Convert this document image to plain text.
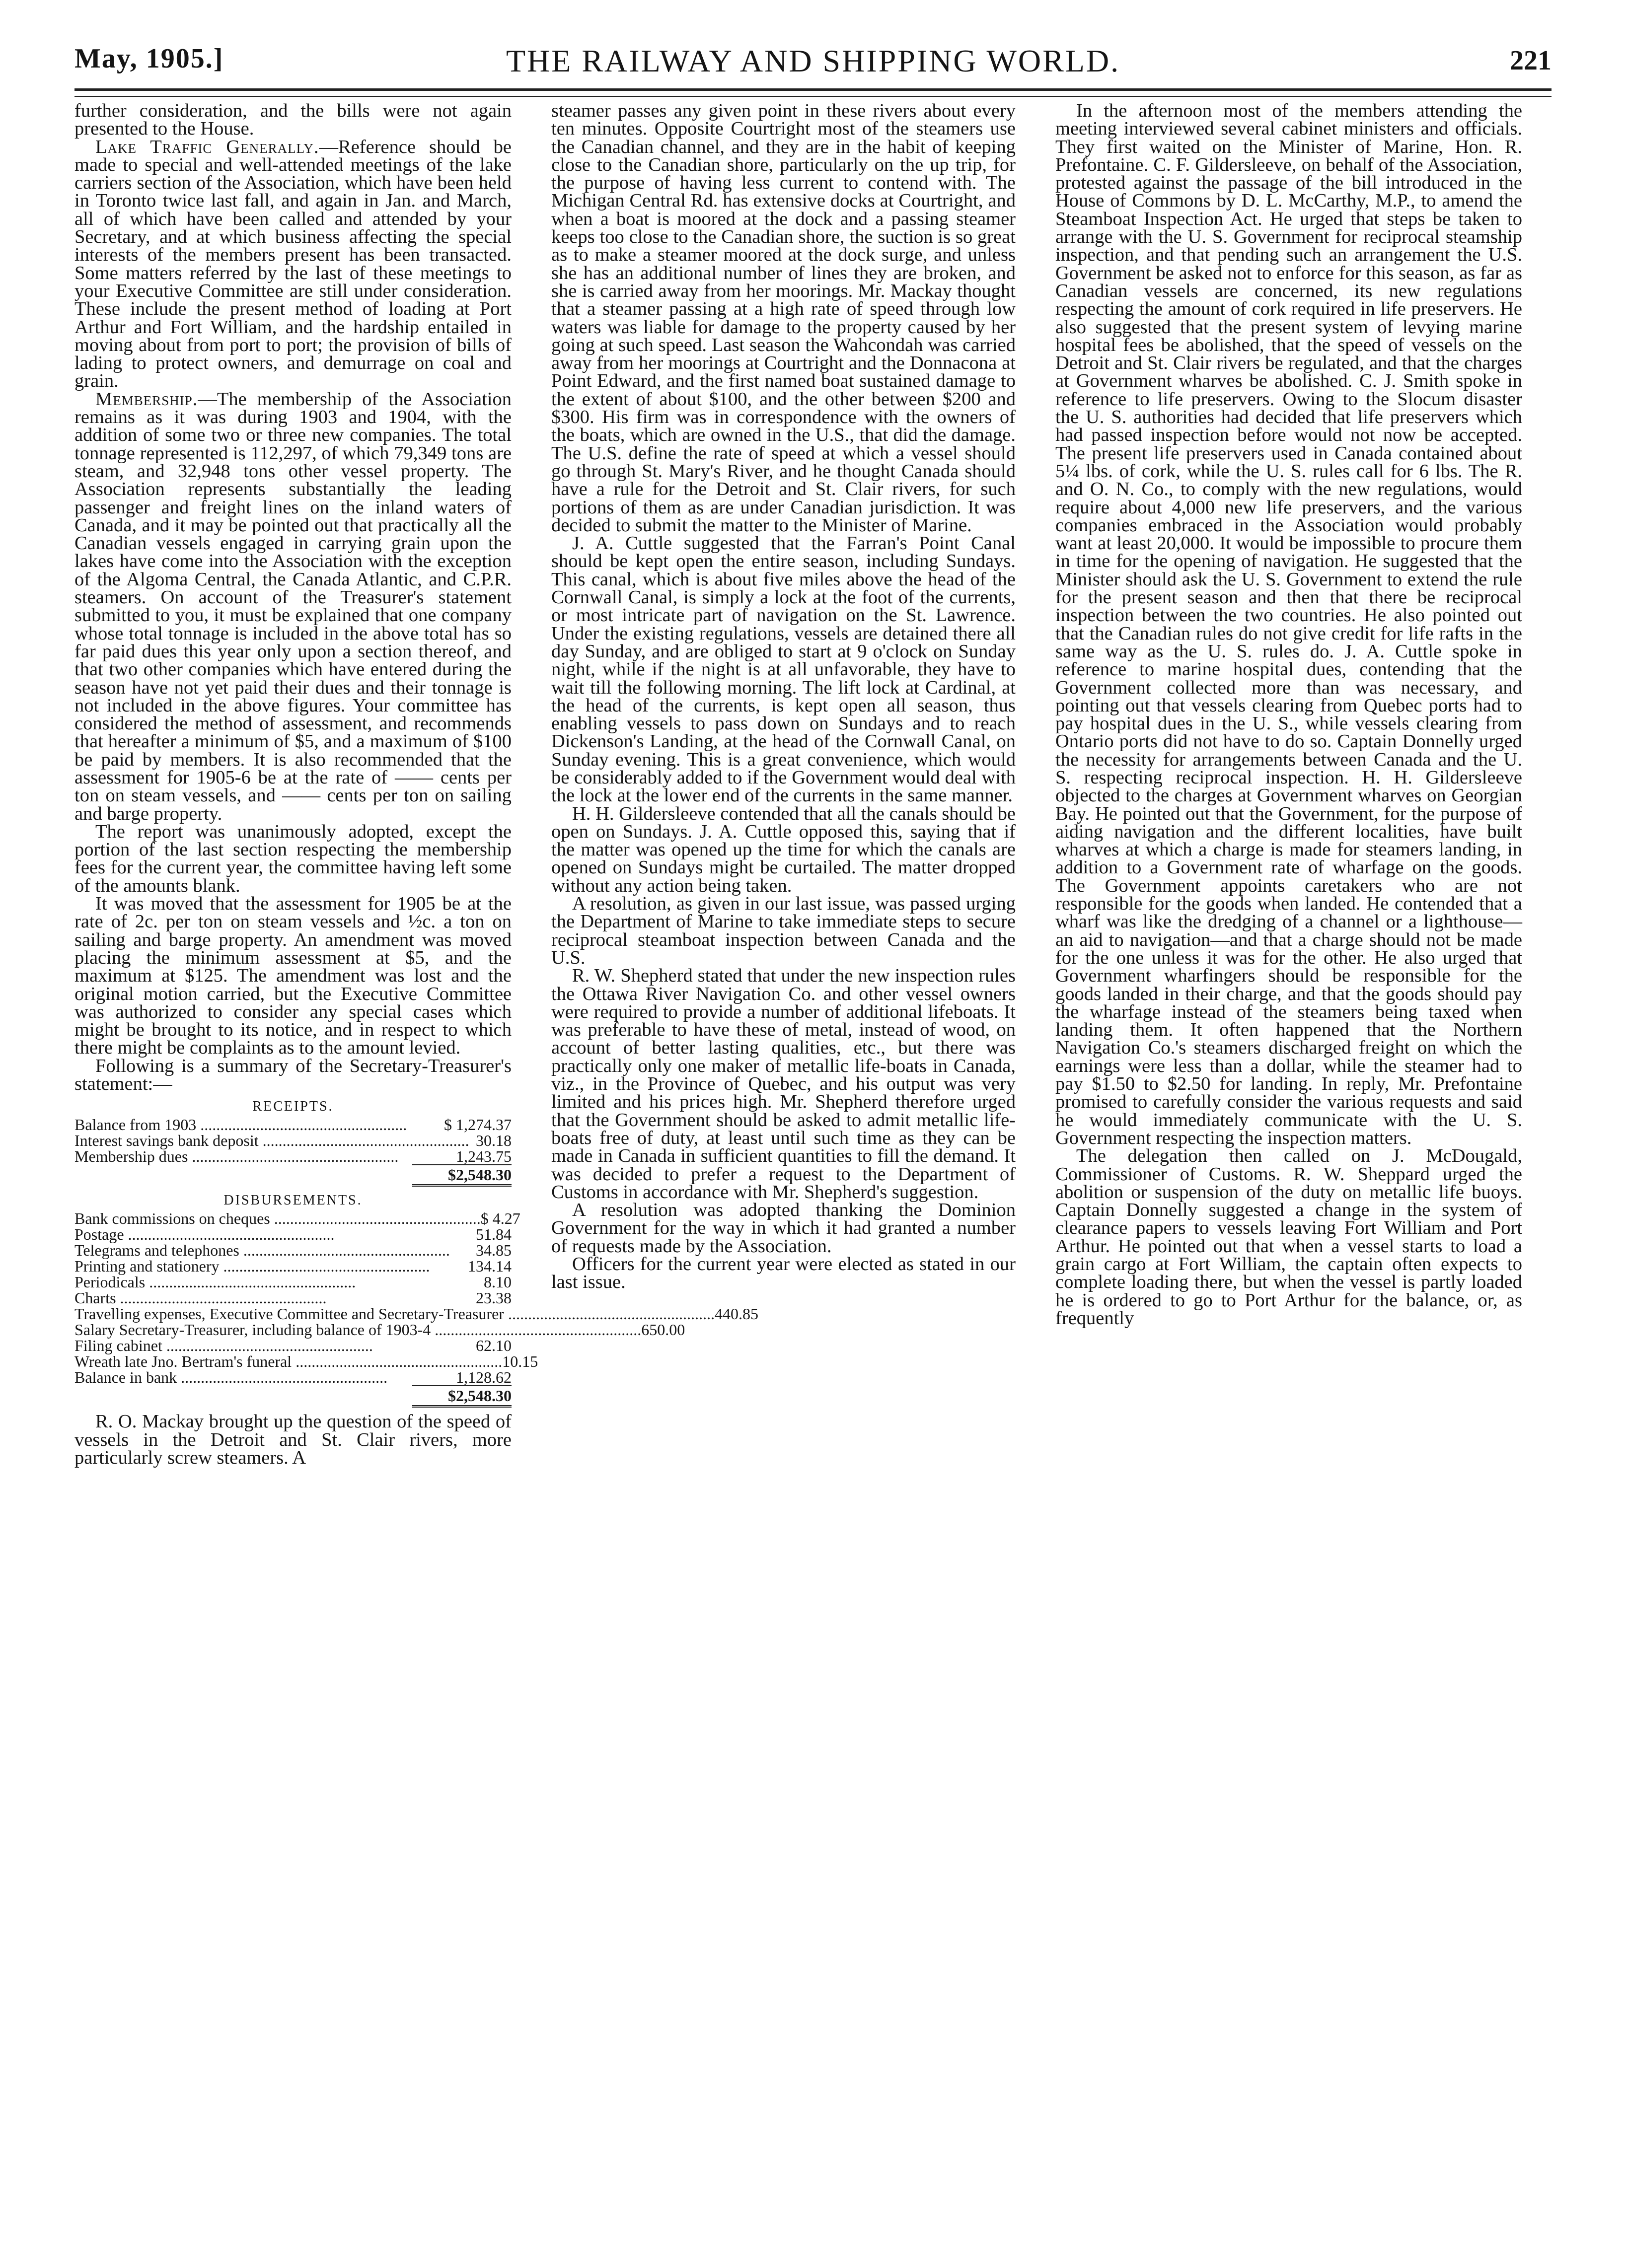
May, 1905.]	THE RAILWAY AND SHIPPING WORLD.	221

further consideration, and the bills were not again presented to the House.

Lake Traffic Generally.—Reference should be made to special and well-attended meetings of the lake carriers section of the Association, which have been held in Toronto twice last fall, and again in Jan. and March, all of which have been called and attended by your Secretary, and at which business affecting the special interests of the members present has been transacted. Some matters referred by the last of these meetings to your Executive Committee are still under consideration. These include the present method of loading at Port Arthur and Fort William, and the hardship entailed in moving about from port to port; the provision of bills of lading to protect owners, and demurrage on coal and grain.

Membership.—The membership of the Association remains as it was during 1903 and 1904, with the addition of some two or three new companies. The total tonnage represented is 112,297, of which 79,349 tons are steam, and 32,948 tons other vessel property. The Association represents substantially the leading passenger and freight lines on the inland waters of Canada, and it may be pointed out that practically all the Canadian vessels engaged in carrying grain upon the lakes have come into the Association with the exception of the Algoma Central, the Canada Atlantic, and C.P.R. steamers. On account of the Treasurer's statement submitted to you, it must be explained that one company whose total tonnage is included in the above total has so far paid dues this year only upon a section thereof, and that two other companies which have entered during the season have not yet paid their dues and their tonnage is not included in the above figures. Your committee has considered the method of assessment, and recommends that hereafter a minimum of $5, and a maximum of $100 be paid by members. It is also recommended that the assessment for 1905-6 be at the rate of —— cents per ton on steam vessels, and —— cents per ton on sailing and barge property.

The report was unanimously adopted, except the portion of the last section respecting the membership fees for the current year, the committee having left some of the amounts blank.

It was moved that the assessment for 1905 be at the rate of 2c. per ton on steam vessels and ½c. a ton on sailing and barge property. An amendment was moved placing the minimum assessment at $5, and the maximum at $125. The amendment was lost and the original motion carried, but the Executive Committee was authorized to consider any special cases which might be brought to its notice, and in respect to which there might be complaints as to the amount levied.

Following is a summary of the Secretary-Treasurer's statement:—

RECEIPTS.
Balance from 1903 .....	$ 1,274.37
Interest savings bank deposit .....	30.18
Membership dues .....	1,243.75
$2,548.30
DISBURSEMENTS.
Bank commissions on cheques .....	$ 4.27
Postage .....	51.84
Telegrams and telephones .....	34.85
Printing and stationery .....	134.14
Periodicals .....	8.10
Charts .....	23.38
Travelling expenses, Executive Committee and Secretary-Treasurer .....	440.85
Salary Secretary-Treasurer, including balance of 1903-4 .....	650.00
Filing cabinet .....	62.10
Wreath late Jno. Bertram's funeral .....	10.15
Balance in bank .....	1,128.62
$2,548.30

R. O. Mackay brought up the question of the speed of vessels in the Detroit and St. Clair rivers, more particularly screw steamers. A

steamer passes any given point in these rivers about every ten minutes. Opposite Courtright most of the steamers use the Canadian channel, and they are in the habit of keeping close to the Canadian shore, particularly on the up trip, for the purpose of having less current to contend with. The Michigan Central Rd. has extensive docks at Courtright, and when a boat is moored at the dock and a passing steamer keeps too close to the Canadian shore, the suction is so great as to make a steamer moored at the dock surge, and unless she has an additional number of lines they are broken, and she is carried away from her moorings. Mr. Mackay thought that a steamer passing at a high rate of speed through low waters was liable for damage to the property caused by her going at such speed. Last season the Wahcondah was carried away from her moorings at Courtright and the Donnacona at Point Edward, and the first named boat sustained damage to the extent of about $100, and the other between $200 and $300. His firm was in correspondence with the owners of the boats, which are owned in the U.S., that did the damage. The U.S. define the rate of speed at which a vessel should go through St. Mary's River, and he thought Canada should have a rule for the Detroit and St. Clair rivers, for such portions of them as are under Canadian jurisdiction. It was decided to submit the matter to the Minister of Marine.

J. A. Cuttle suggested that the Farran's Point Canal should be kept open the entire season, including Sundays. This canal, which is about five miles above the head of the Cornwall Canal, is simply a lock at the foot of the currents, or most intricate part of navigation on the St. Lawrence. Under the existing regulations, vessels are detained there all day Sunday, and are obliged to start at 9 o'clock on Sunday night, while if the night is at all unfavorable, they have to wait till the following morning. The lift lock at Cardinal, at the head of the currents, is kept open all season, thus enabling vessels to pass down on Sundays and to reach Dickenson's Landing, at the head of the Cornwall Canal, on Sunday evening. This is a great convenience, which would be considerably added to if the Government would deal with the lock at the lower end of the currents in the same manner.

H. H. Gildersleeve contended that all the canals should be open on Sundays. J. A. Cuttle opposed this, saying that if the matter was opened up the time for which the canals are opened on Sundays might be curtailed. The matter dropped without any action being taken.

A resolution, as given in our last issue, was passed urging the Department of Marine to take immediate steps to secure reciprocal steamboat inspection between Canada and the U.S.

R. W. Shepherd stated that under the new inspection rules the Ottawa River Navigation Co. and other vessel owners were required to provide a number of additional lifeboats. It was preferable to have these of metal, instead of wood, on account of better lasting qualities, etc., but there was practically only one maker of metallic life-boats in Canada, viz., in the Province of Quebec, and his output was very limited and his prices high. Mr. Shepherd therefore urged that the Government should be asked to admit metallic life-boats free of duty, at least until such time as they can be made in Canada in sufficient quantities to fill the demand. It was decided to prefer a request to the Department of Customs in accordance with Mr. Shepherd's suggestion.

A resolution was adopted thanking the Dominion Government for the way in which it had granted a number of requests made by the Association.

Officers for the current year were elected as stated in our last issue.

In the afternoon most of the members attending the meeting interviewed several cabinet ministers and officials. They first waited on the Minister of Marine, Hon. R. Prefontaine. C. F. Gildersleeve, on behalf of the Association, protested against the passage of the bill introduced in the House of Commons by D. L. McCarthy, M.P., to amend the Steamboat Inspection Act. He urged that steps be taken to arrange with the U. S. Government for reciprocal steamship inspection, and that pending such an arrangement the U.S. Government be asked not to enforce for this season, as far as Canadian vessels are concerned, its new regulations respecting the amount of cork required in life preservers. He also suggested that the present system of levying marine hospital fees be abolished, that the speed of vessels on the Detroit and St. Clair rivers be regulated, and that the charges at Government wharves be abolished. C. J. Smith spoke in reference to life preservers. Owing to the Slocum disaster the U. S. authorities had decided that life preservers which had passed inspection before would not now be accepted. The present life preservers used in Canada contained about 5¼ lbs. of cork, while the U. S. rules call for 6 lbs. The R. and O. N. Co., to comply with the new regulations, would require about 4,000 new life preservers, and the various companies embraced in the Association would probably want at least 20,000. It would be impossible to procure them in time for the opening of navigation. He suggested that the Minister should ask the U. S. Government to extend the rule for the present season and then that there be reciprocal inspection between the two countries. He also pointed out that the Canadian rules do not give credit for life rafts in the same way as the U. S. rules do. J. A. Cuttle spoke in reference to marine hospital dues, contending that the Government collected more than was necessary, and pointing out that vessels clearing from Quebec ports had to pay hospital dues in the U. S., while vessels clearing from Ontario ports did not have to do so. Captain Donnelly urged the necessity for arrangements between Canada and the U. S. respecting reciprocal inspection. H. H. Gildersleeve objected to the charges at Government wharves on Georgian Bay. He pointed out that the Government, for the purpose of aiding navigation and the different localities, have built wharves at which a charge is made for steamers landing, in addition to a Government rate of wharfage on the goods. The Government appoints caretakers who are not responsible for the goods when landed. He contended that a wharf was like the dredging of a channel or a lighthouse—an aid to navigation—and that a charge should not be made for the one unless it was for the other. He also urged that Government wharfingers should be responsible for the goods landed in their charge, and that the goods should pay the wharfage instead of the steamers being taxed when landing them. It often happened that the Northern Navigation Co.'s steamers discharged freight on which the earnings were less than a dollar, while the steamer had to pay $1.50 to $2.50 for landing. In reply, Mr. Prefontaine promised to carefully consider the various requests and said he would immediately communicate with the U. S. Government respecting the inspection matters.

The delegation then called on J. McDougald, Commissioner of Customs. R. W. Sheppard urged the abolition or suspension of the duty on metallic life buoys. Captain Donnelly suggested a change in the system of clearance papers to vessels leaving Fort William and Port Arthur. He pointed out that when a vessel starts to load a grain cargo at Fort William, the captain often expects to complete loading there, but when the vessel is partly loaded he is ordered to go to Port Arthur for the balance, or, as frequently
